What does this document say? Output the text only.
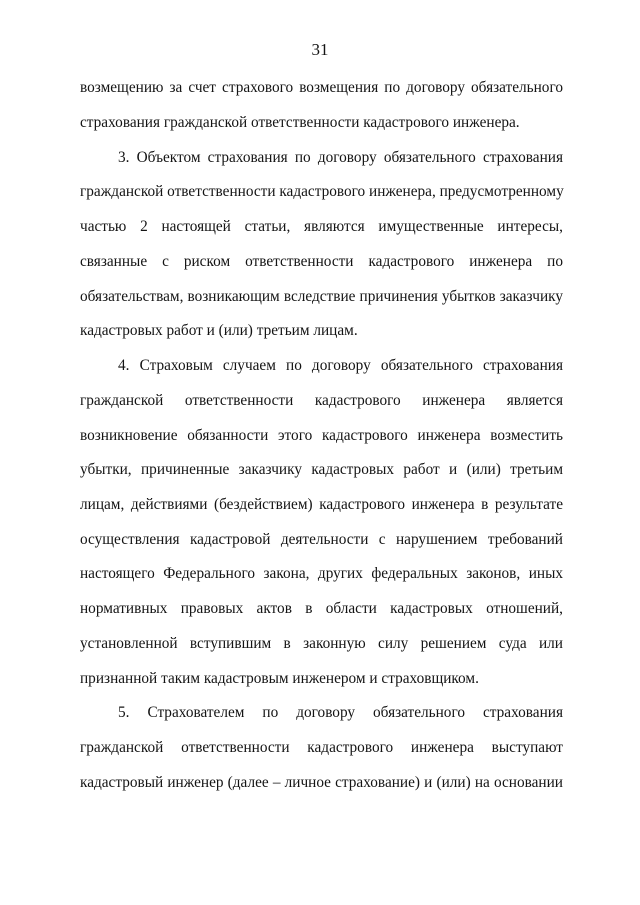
31
возмещению за счет страхового возмещения по договору обязательного
страхования гражданской ответственности кадастрового инженера.
3. Объектом страхования по договору обязательного страхования
гражданской ответственности кадастрового инженера, предусмотренному
частью 2 настоящей статьи, являются имущественные интересы,
связанные с риском ответственности кадастрового инженера по
обязательствам, возникающим вследствие причинения убытков заказчику
кадастровых работ и (или) третьим лицам.
4. Страховым случаем по договору обязательного страхования
гражданской ответственности кадастрового инженера является
возникновение обязанности этого кадастрового инженера возместить
убытки, причиненные заказчику кадастровых работ и (или) третьим
лицам, действиями (бездействием) кадастрового инженера в результате
осуществления кадастровой деятельности с нарушением требований
настоящего Федерального закона, других федеральных законов, иных
нормативных правовых актов в области кадастровых отношений,
установленной вступившим в законную силу решением суда или
признанной таким кадастровым инженером и страховщиком.
5. Страхователем по договору обязательного страхования
гражданской ответственности кадастрового инженера выступают
кадастровый инженер (далее – личное страхование) и (или) на основании
